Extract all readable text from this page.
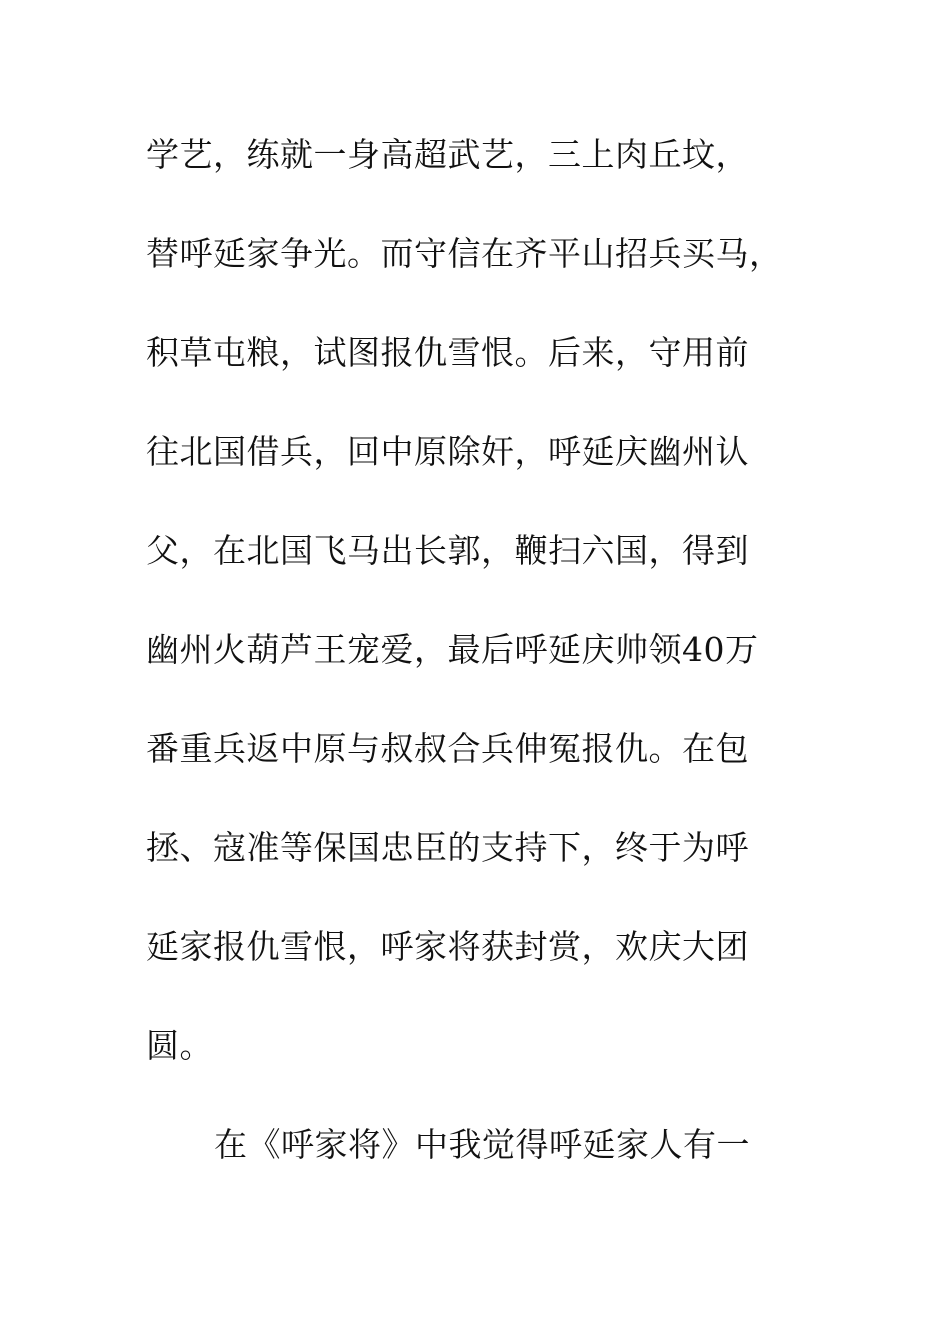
学艺，练就一身高超武艺，三上肉丘坟，
替呼延家争光。而守信在齐平山招兵买马，
积草屯粮，试图报仇雪恨。后来，守用前
往北国借兵，回中原除奸，呼延庆幽州认
父，在北国飞马出长郭，鞭扫六国，得到
幽州火葫芦王宠爱，最后呼延庆帅领40万
番重兵返中原与叔叔合兵伸冤报仇。在包
拯、寇准等保国忠臣的支持下，终于为呼
延家报仇雪恨，呼家将获封赏，欢庆大团
圆。
在《呼家将》中我觉得呼延家人有一
